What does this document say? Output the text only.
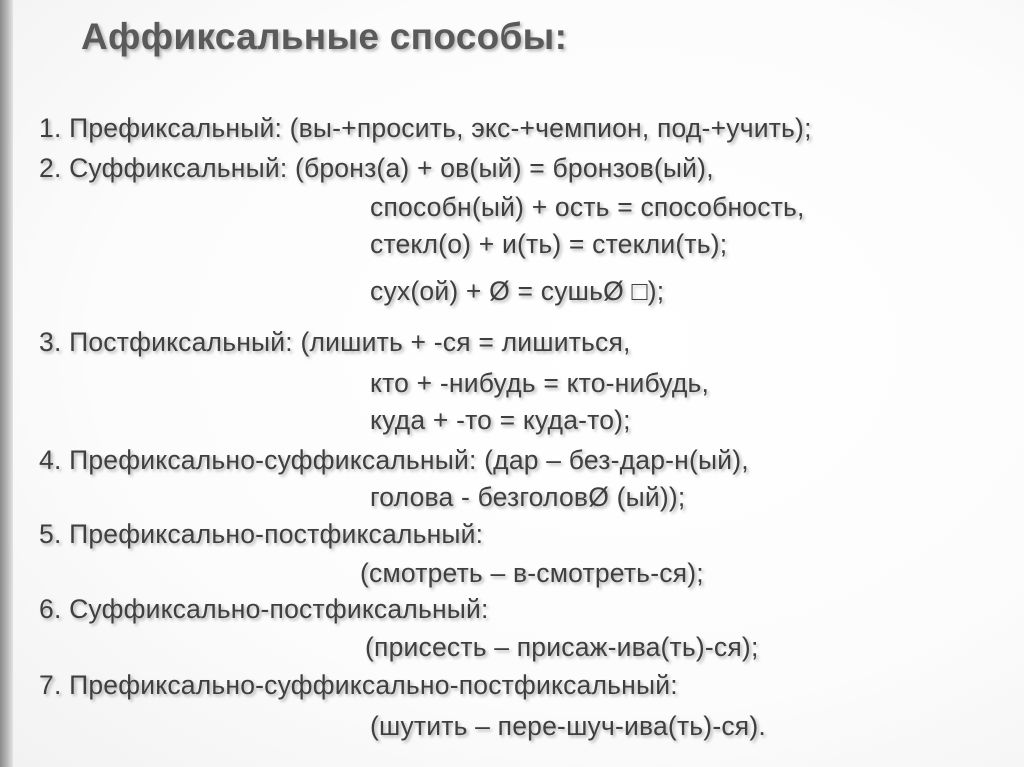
Аффиксальные способы:
1. Префиксальный: (вы-+просить, экс-+чемпион, под-+учить);
2. Суффиксальный: (бронз(а) + ов(ый) = бронзов(ый),
способн(ый) + ость = способность,
стекл(о) + и(ть) = стекли(ть);
сух(ой) + Ø = сушьØ □);
3. Постфиксальный: (лишить + -ся = лишиться,
кто + -нибудь = кто-нибудь,
куда + -то = куда-то);
4. Префиксально-суффиксальный: (дар – без-дар-н(ый),
голова - безголовØ (ый));
5. Префиксально-постфиксальный:
(смотреть – в-смотреть-ся);
6. Суффиксально-постфиксальный:
(присесть – присаж-ива(ть)-ся);
7. Префиксально-суффиксально-постфиксальный:
(шутить – пере-шуч-ива(ть)-ся).
